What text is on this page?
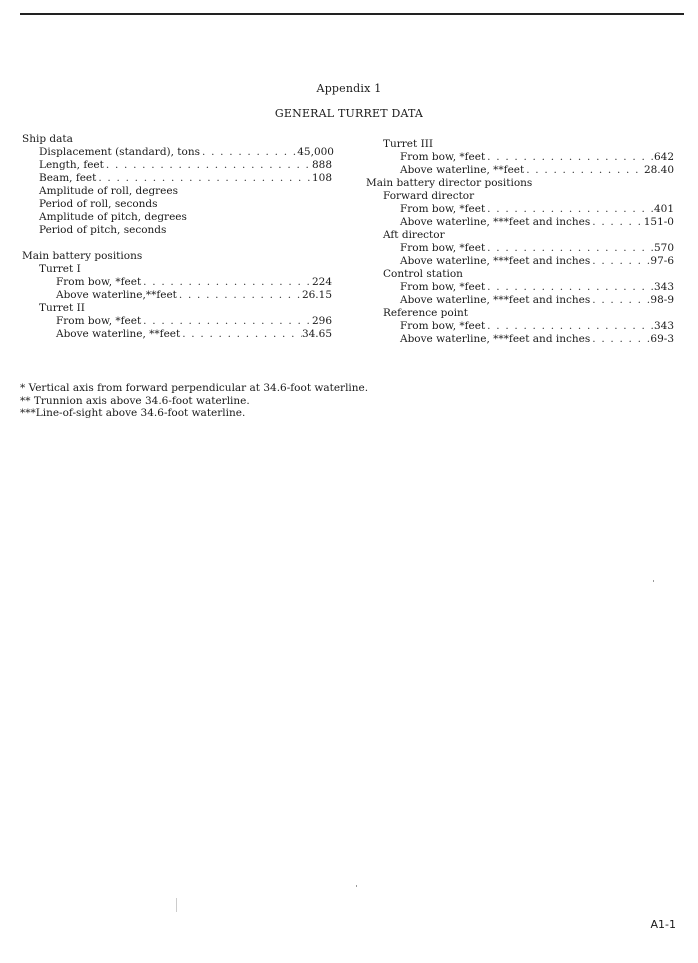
Appendix 1
GENERAL TURRET DATA
Ship data
Displacement (standard), tons . . .	45,000
Length, feet . . .	888
Beam, feet . . .	108
Amplitude of roll, degrees
Period of roll, seconds
Amplitude of pitch, degrees
Period of pitch, seconds
Main battery positions
Turret I
From bow, *feet . . .	224
Above waterline,**feet . . .	26.15
Turret II
From bow, *feet . . .	296
Above waterline, **feet . . .	34.65
Turret III
From bow, *feet . . .	642
Above waterline, **feet . . .	28.40
Main battery director positions
Forward director
From bow, *feet . . .	401
Above waterline, ***feet and inches . . .	151-0
Aft director
From bow, *feet . . .	570
Above waterline, ***feet and inches . . .	97-6
Control station
From bow, *feet . . .	343
Above waterline, ***feet and inches . . .	98-9
Reference point
From bow, *feet . . .	343
Above waterline, ***feet and inches . . .	69-3
* Vertical axis from forward perpendicular at 34.6-foot waterline.
** Trunnion axis above 34.6-foot waterline.
***Line-of-sight above 34.6-foot waterline.
A1-1
